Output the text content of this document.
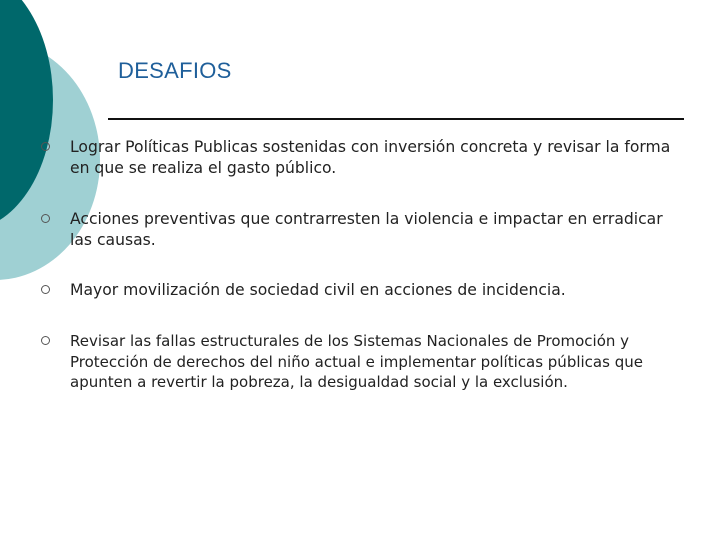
DESAFIOS
Lograr Políticas Publicas sostenidas con inversión concreta y revisar la forma en que se realiza el gasto público.
Acciones preventivas que contrarresten la violencia e impactar en erradicar las causas.
Mayor movilización de sociedad civil en acciones de incidencia.
Revisar las fallas estructurales de los Sistemas Nacionales de Promoción y Protección de derechos del niño actual e implementar políticas públicas que apunten a revertir la pobreza, la desigualdad social y la exclusión.
